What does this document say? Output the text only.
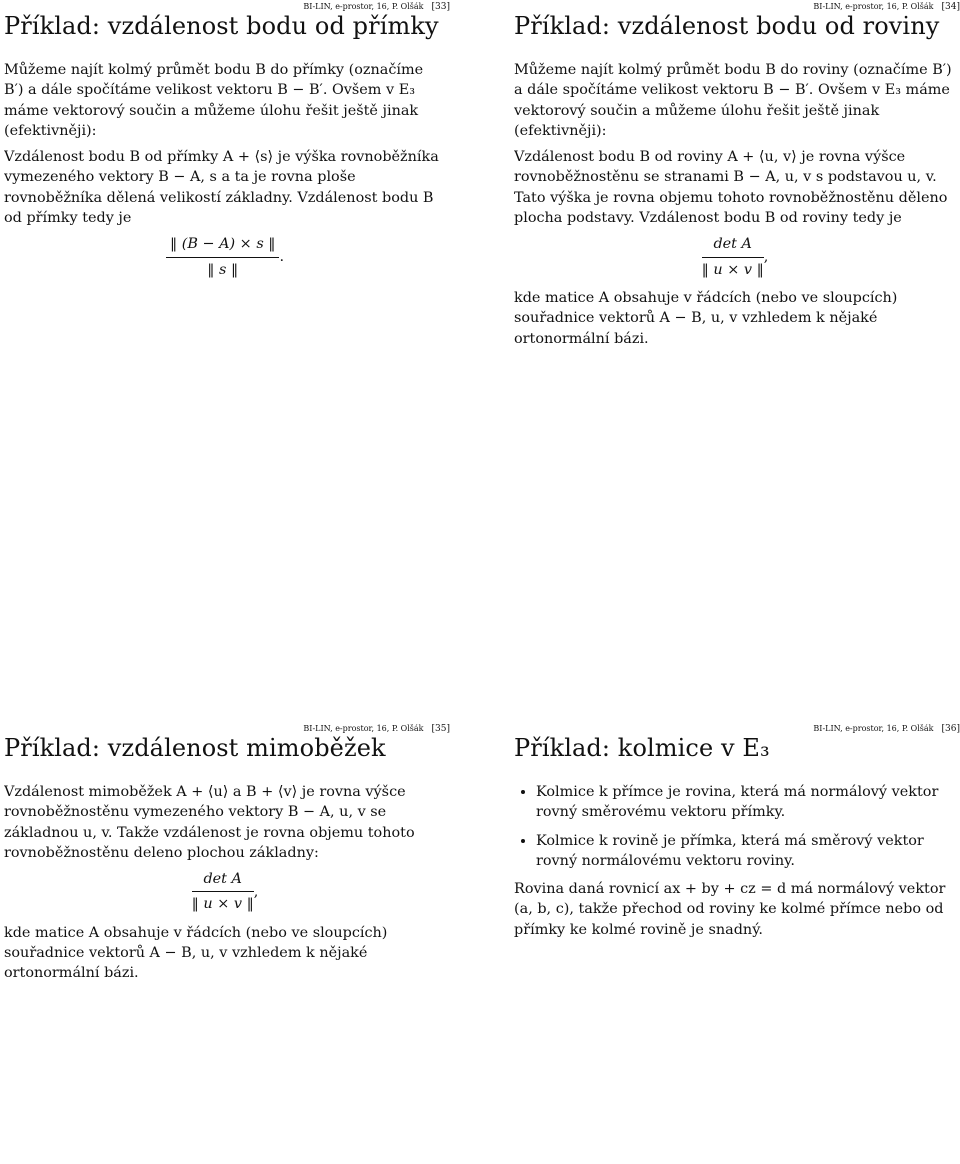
BI-LIN, e-prostor, 16, P. Olšák [33]
Příklad: vzdálenost bodu od přímky

Můžeme najít kolmý průmět bodu B do přímky (označíme B′) a dále spočítáme velikost vektoru B − B′. Ovšem v E₃ máme vektorový součin a můžeme úlohu řešit ještě jinak (efektivněji):

Vzdálenost bodu B od přímky A + ⟨s⟩ je výška rovnoběžníka vymezeného vektory B − A, s a ta je rovna ploše rovnoběžníka dělená velikostí základny. Vzdálenost bodu B od přímky tedy je

$\frac{‖ (B - A) \times s ‖}{‖ s ‖}$ .
BI-LIN, e-prostor, 16, P. Olšák [34]
Příklad: vzdálenost bodu od roviny

Můžeme najít kolmý průmět bodu B do roviny (označíme B′) a dále spočítáme velikost vektoru B − B′. Ovšem v E₃ máme vektorový součin a můžeme úlohu řešit ještě jinak (efektivněji):

Vzdálenost bodu B od roviny A + ⟨u, v⟩ je rovna výšce rovnoběžnostěnu se stranami B − A, u, v s podstavou u, v. Tato výška je rovna objemu tohoto rovnoběžnostěnu děleno plocha podstavy. Vzdálenost bodu B od roviny tedy je

$\frac{\text{det A}}{‖ u \times v ‖}$ ,

kde matice A obsahuje v řádcích (nebo ve sloupcích) souřadnice vektorů A − B, u, v vzhledem k nějaké ortonormální bázi.

BI-LIN, e-prostor, 16, P. Olšák [35]
Příklad: vzdálenost mimoběžek

Vzdálenost mimoběžek A + ⟨u⟩ a B + ⟨v⟩ je rovna výšce rovnoběžnostěnu vymezeného vektory B − A, u, v se základnou u, v. Takže vzdálenost je rovna objemu tohoto rovnoběžnostěnu deleno plochou základny:

$\frac{\text{det A}}{‖ u \times v ‖}$ ,

kde matice A obsahuje v řádcích (nebo ve sloupcích) souřadnice vektorů A − B, u, v vzhledem k nějaké ortonormální bázi.

BI-LIN, e-prostor, 16, P. Olšák [36]
Příklad: kolmice v E₃
• Kolmice k přímce je rovina, která má normálový vektor rovný směrovému vektoru přímky.
• Kolmice k rovině je přímka, která má směrový vektor rovný normálovému vektoru roviny.

Rovina daná rovnicí ax + by + cz = d má normálový vektor (a, b, c), takže přechod od roviny ke kolmé přímce nebo od přímky ke kolmé rovině je snadný.
